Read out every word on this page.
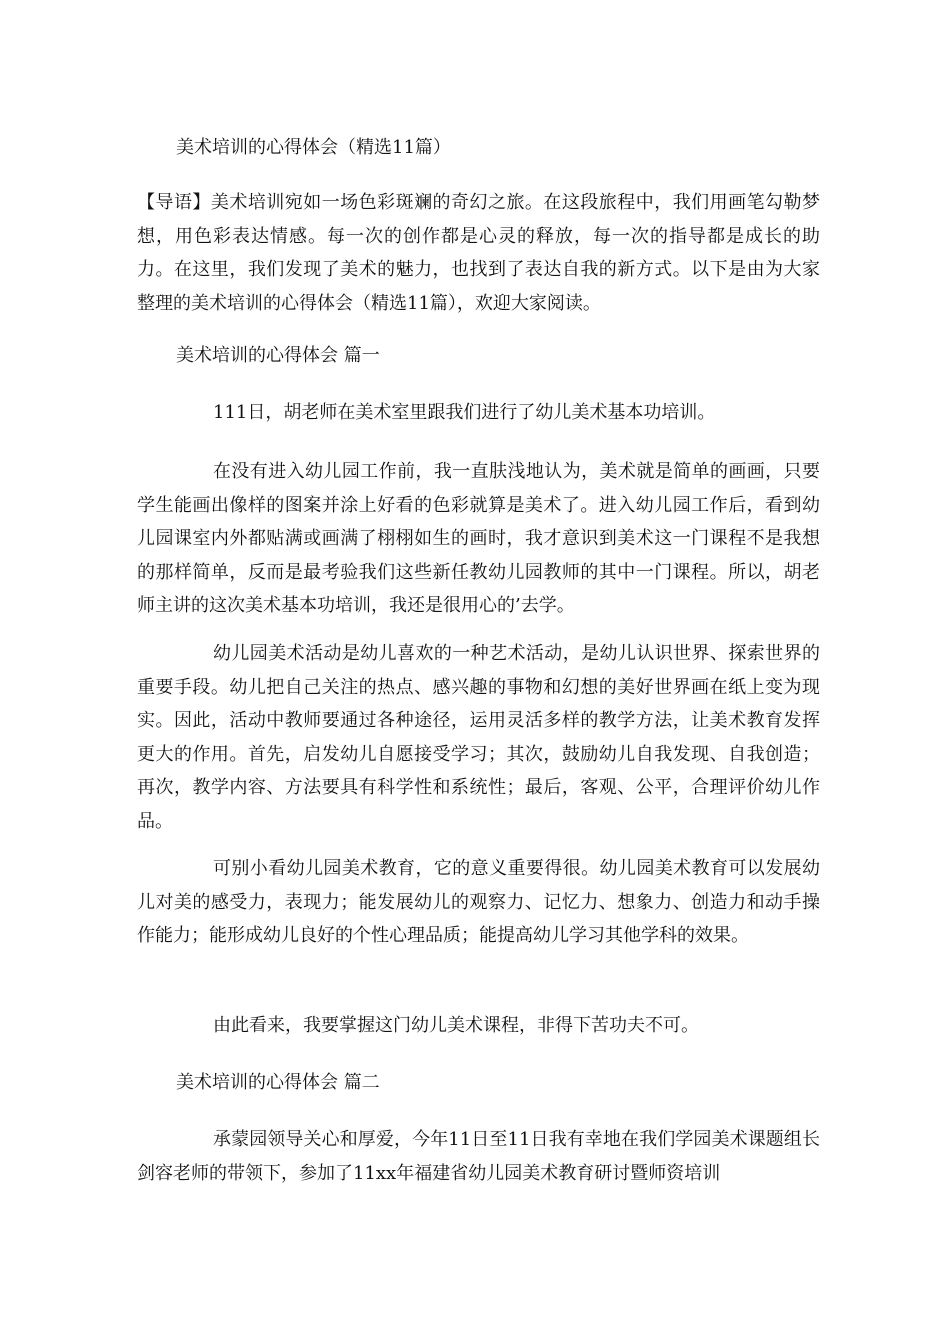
美术培训的心得体会（精选11篇）

【导语】美术培训宛如一场色彩斑斓的奇幻之旅。在这段旅程中，我们用画笔勾勒梦想，用色彩表达情感。每一次的创作都是心灵的释放，每一次的指导都是成长的助力。在这里，我们发现了美术的魅力，也找到了表达自我的新方式。以下是由为大家整理的美术培训的心得体会（精选11篇），欢迎大家阅读。

美术培训的心得体会 篇一

111日，胡老师在美术室里跟我们进行了幼儿美术基本功培训。

在没有进入幼儿园工作前，我一直肤浅地认为，美术就是简单的画画，只要学生能画出像样的图案并涂上好看的色彩就算是美术了。进入幼儿园工作后，看到幼儿园课室内外都贴满或画满了栩栩如生的画时，我才意识到美术这一门课程不是我想的那样简单，反而是最考验我们这些新任教幼儿园教师的其中一门课程。所以，胡老师主讲的这次美术基本功培训，我还是很用心的’去学。

幼儿园美术活动是幼儿喜欢的一种艺术活动，是幼儿认识世界、探索世界的重要手段。幼儿把自己关注的热点、感兴趣的事物和幻想的美好世界画在纸上变为现实。因此，活动中教师要通过各种途径，运用灵活多样的教学方法，让美术教育发挥更大的作用。首先，启发幼儿自愿接受学习；其次，鼓励幼儿自我发现、自我创造；再次，教学内容、方法要具有科学性和系统性；最后，客观、公平，合理评价幼儿作品。

可别小看幼儿园美术教育，它的意义重要得很。幼儿园美术教育可以发展幼儿对美的感受力，表现力；能发展幼儿的观察力、记忆力、想象力、创造力和动手操作能力；能形成幼儿良好的个性心理品质；能提高幼儿学习其他学科的效果。

由此看来，我要掌握这门幼儿美术课程，非得下苦功夫不可。

美术培训的心得体会 篇二

承蒙园领导关心和厚爱，今年11日至11日我有幸地在我们学园美术课题组长剑容老师的带领下，参加了11xx年福建省幼儿园美术教育研讨暨师资培训
